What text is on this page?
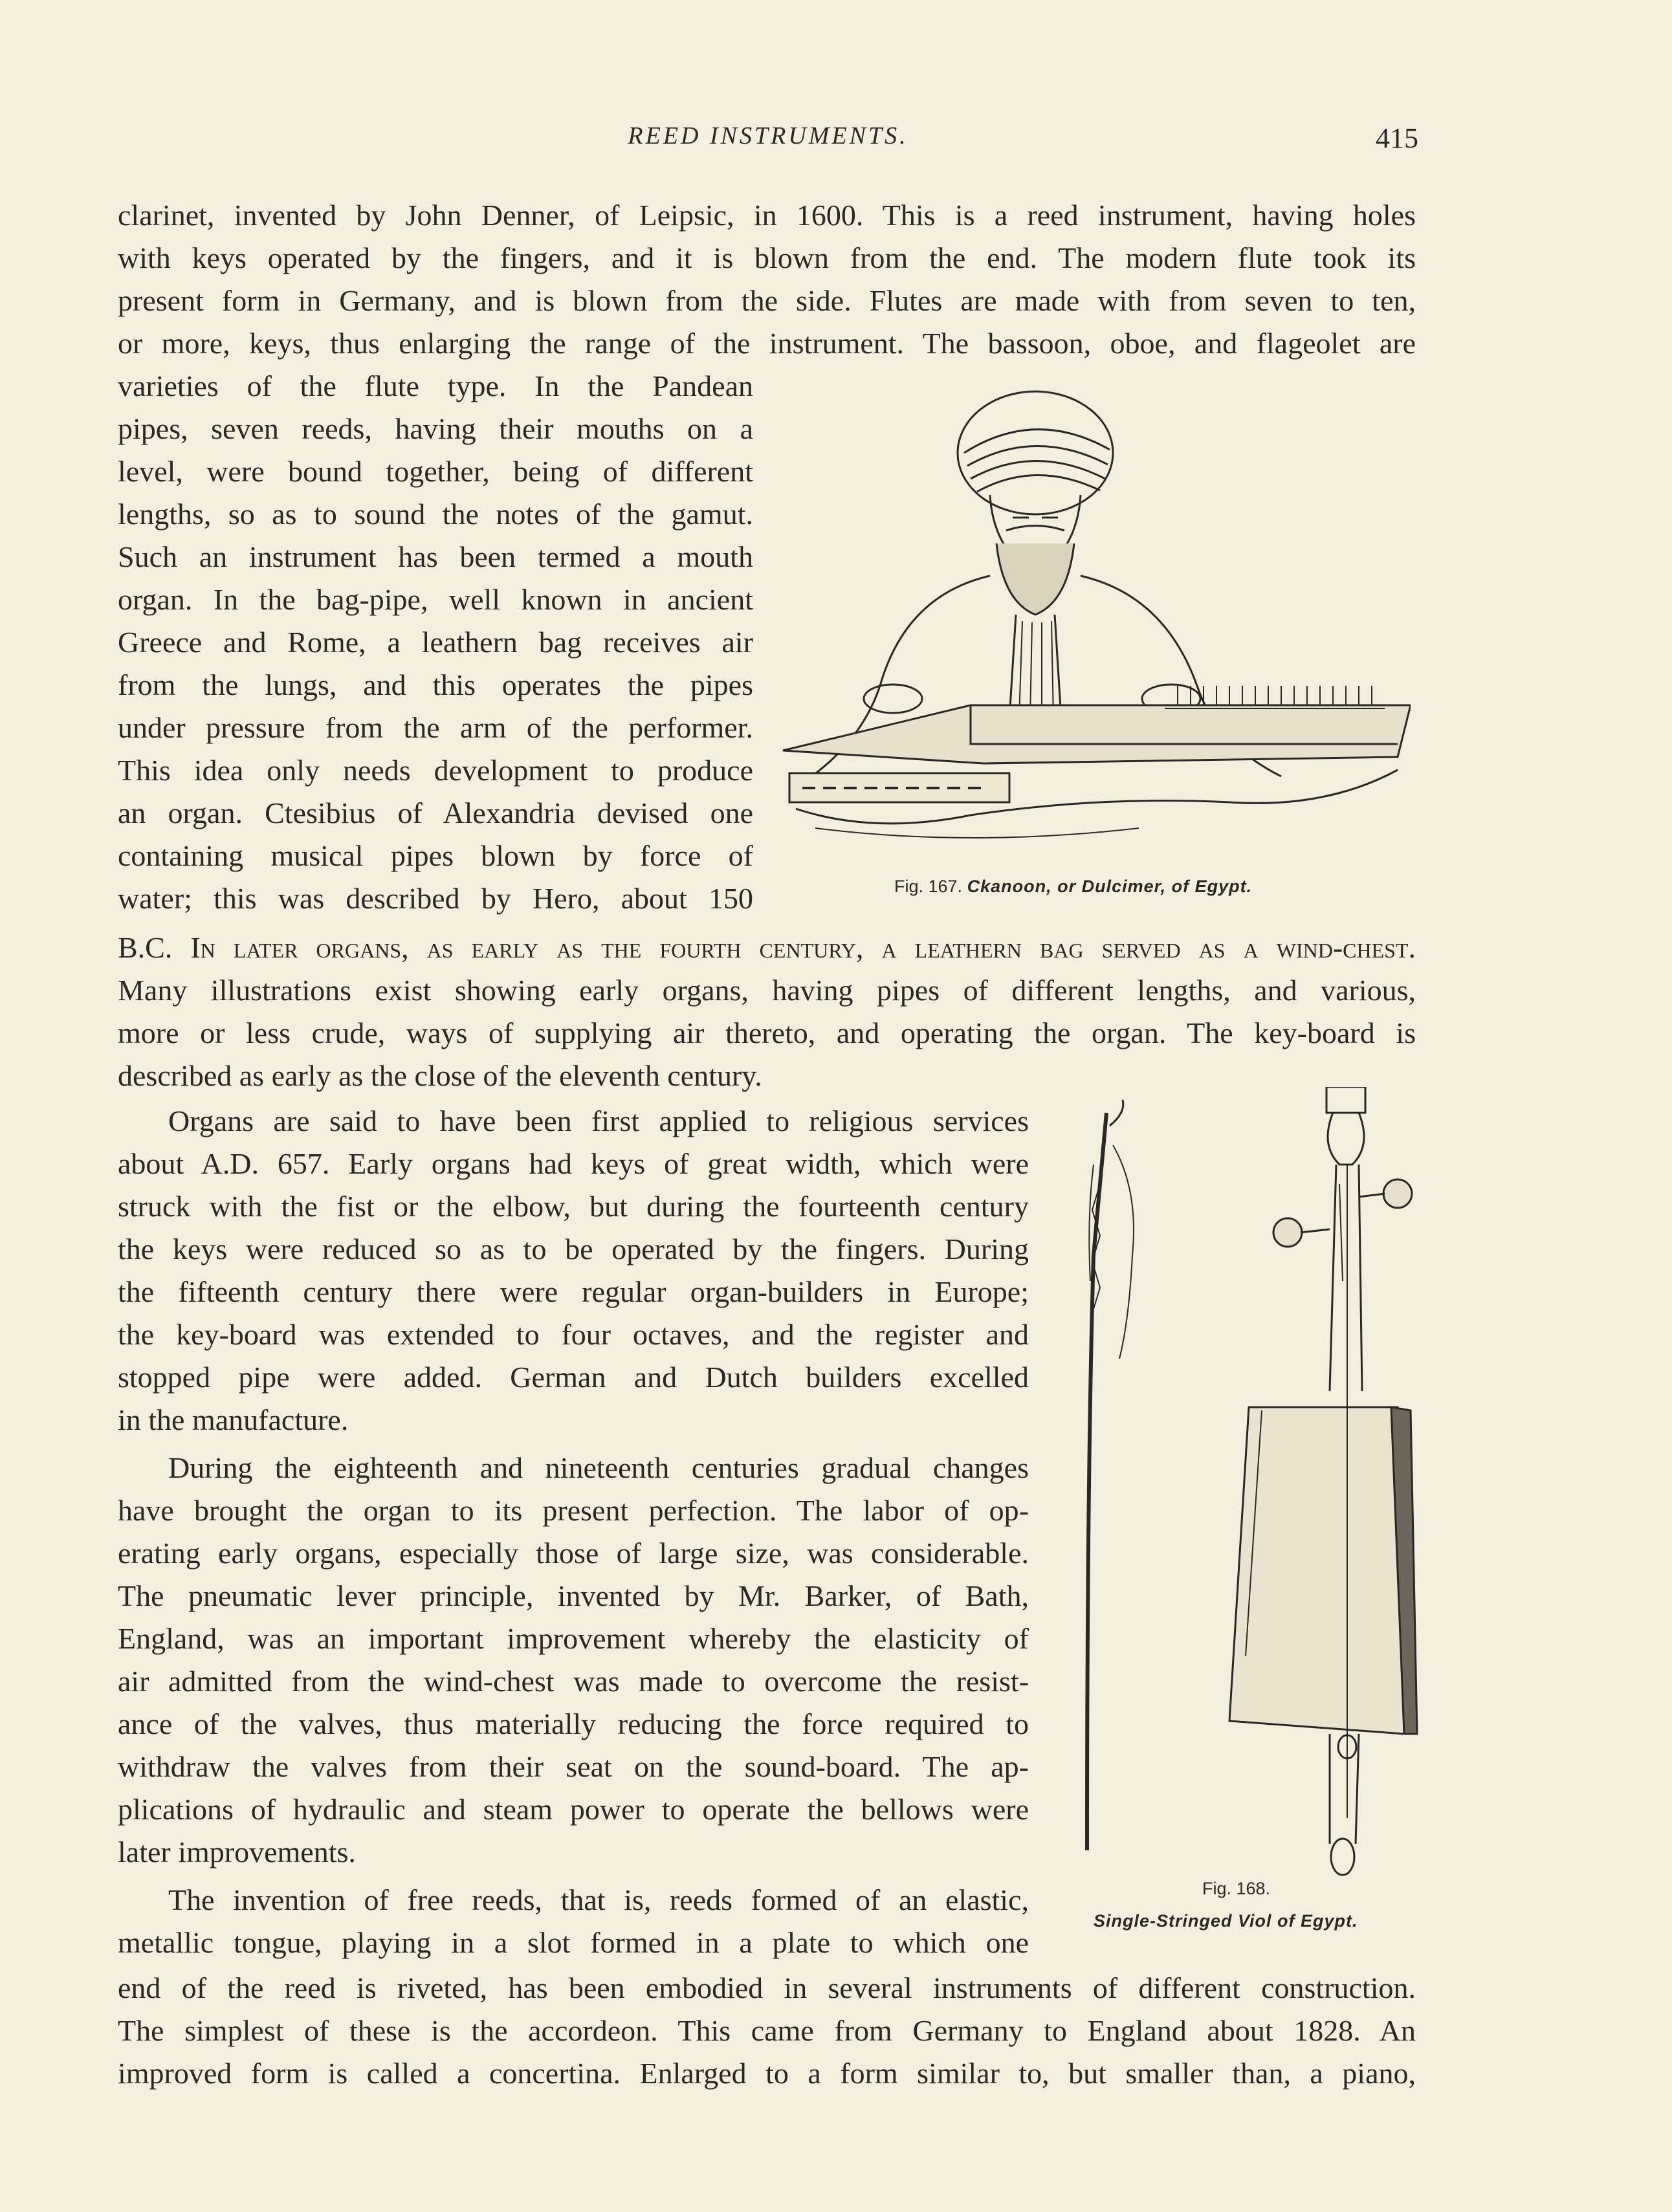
REED INSTRUMENTS.	415
clarinet, invented by John Denner, of Leipsic, in 1600. This is a reed instrument, having holes
with keys operated by the fingers, and it is blown from the end. The modern flute took its
present form in Germany, and is blown from the side. Flutes are made with from seven to ten,
or more, keys, thus enlarging the range of the instrument. The bassoon, oboe, and flageolet are
varieties of the flute type. In the Pandean
pipes, seven reeds, having their mouths on a
level, were bound together, being of different
lengths, so as to sound the notes of the gamut.
Such an instrument has been termed a mouth
organ. In the bag-pipe, well known in ancient
Greece and Rome, a leathern bag receives air
from the lungs, and this operates the pipes
under pressure from the arm of the performer.
This idea only needs development to produce
an organ. Ctesibius of Alexandria devised one
containing musical pipes blown by force of
water; this was described by Hero, about 150
B.C. In later organs, as early as the fourth century, a leathern bag served as a wind-chest.
Many illustrations exist showing early organs, having pipes of different lengths, and various,
more or less crude, ways of supplying air thereto, and operating the organ. The key-board is
described as early as the close of the eleventh century.
Organs are said to have been first applied to religious services
about A.D. 657. Early organs had keys of great width, which were
struck with the fist or the elbow, but during the fourteenth century
the keys were reduced so as to be operated by the fingers. During
the fifteenth century there were regular organ-builders in Europe;
the key-board was extended to four octaves, and the register and
stopped pipe were added. German and Dutch builders excelled
in the manufacture.
During the eighteenth and nineteenth centuries gradual changes
have brought the organ to its present perfection. The labor of op-
erating early organs, especially those of large size, was considerable.
The pneumatic lever principle, invented by Mr. Barker, of Bath,
England, was an important improvement whereby the elasticity of
air admitted from the wind-chest was made to overcome the resist-
ance of the valves, thus materially reducing the force required to
withdraw the valves from their seat on the sound-board. The ap-
plications of hydraulic and steam power to operate the bellows were
later improvements.
The invention of free reeds, that is, reeds formed of an elastic,
metallic tongue, playing in a slot formed in a plate to which one
end of the reed is riveted, has been embodied in several instruments of different construction.
The simplest of these is the accordeon. This came from Germany to England about 1828. An
improved form is called a concertina. Enlarged to a form similar to, but smaller than, a piano,
Fig. 167. Ckanoon, or Dulcimer, of Egypt.
Fig. 168.
Single-Stringed Viol of Egypt.
